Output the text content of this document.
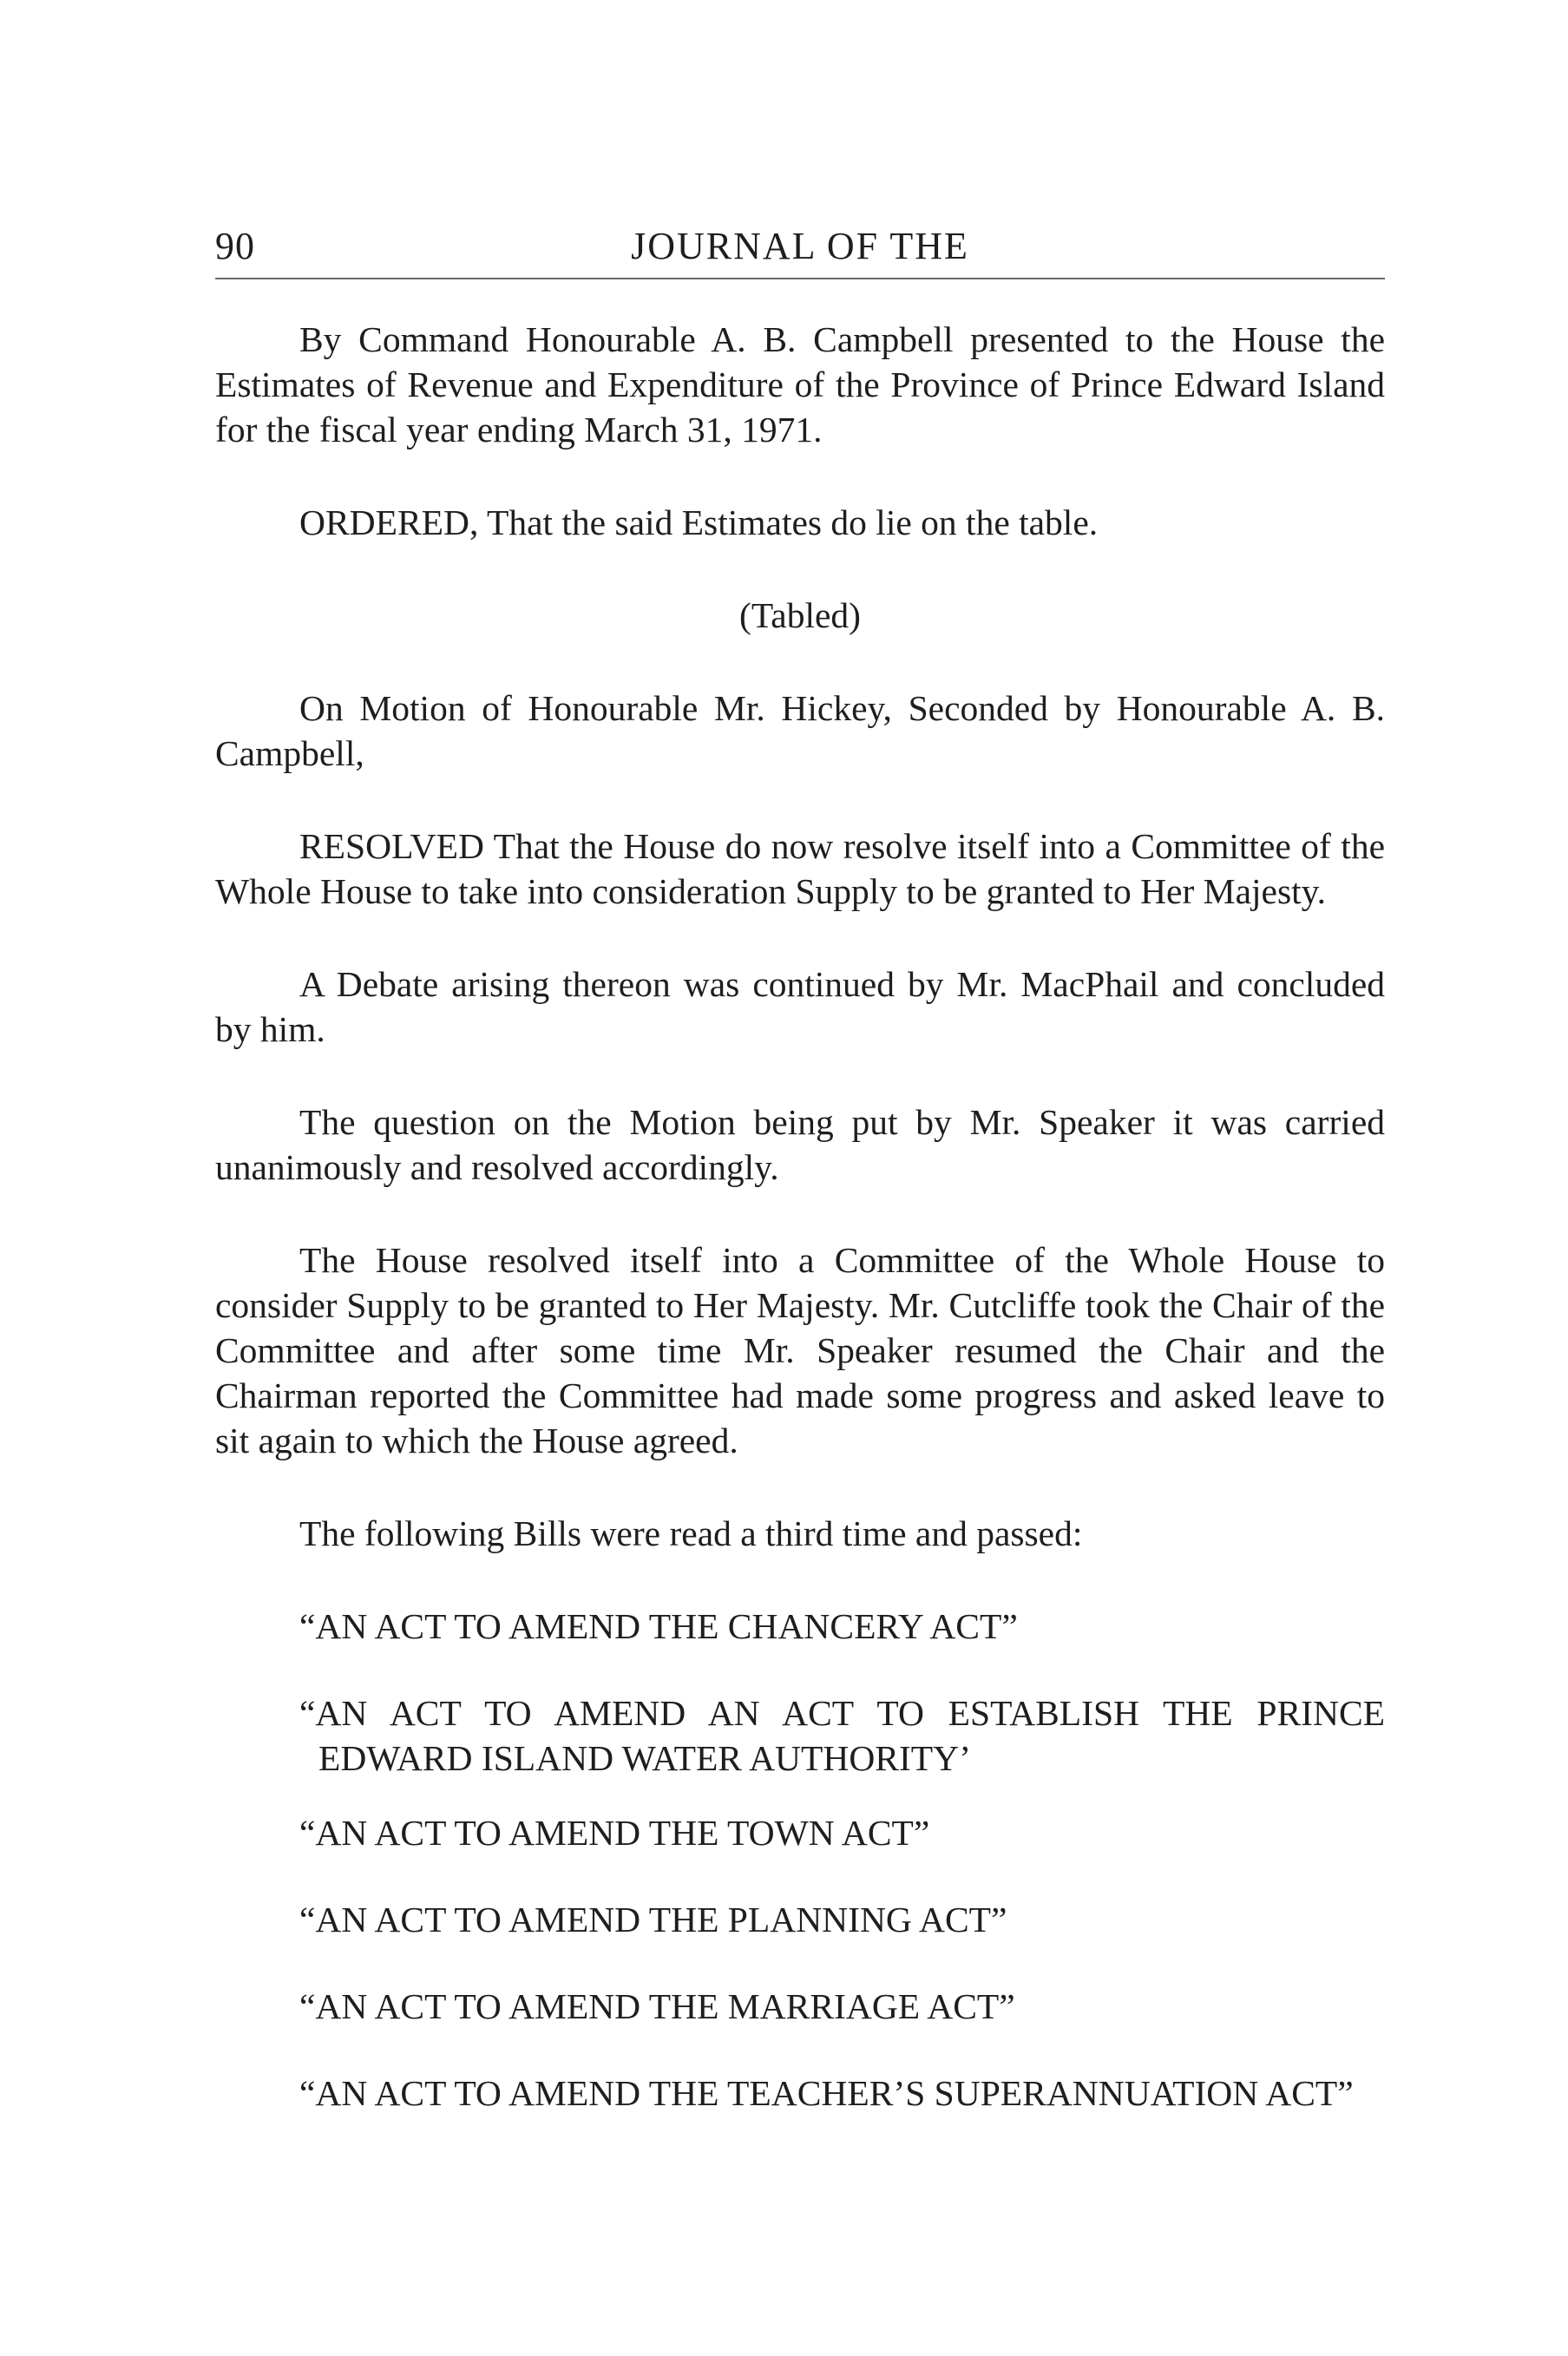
90	JOURNAL OF THE

By Command Honourable A. B. Campbell presented to the House the Estimates of Revenue and Expenditure of the Province of Prince Edward Island for the fiscal year ending March 31, 1971.

ORDERED, That the said Estimates do lie on the table.

(Tabled)

On Motion of Honourable Mr. Hickey, Seconded by Honourable A. B. Campbell,

RESOLVED That the House do now resolve itself into a Committee of the Whole House to take into consideration Supply to be granted to Her Majesty.

A Debate arising thereon was continued by Mr. MacPhail and concluded by him.

The question on the Motion being put by Mr. Speaker it was carried unanimously and resolved accordingly.

The House resolved itself into a Committee of the Whole House to consider Supply to be granted to Her Majesty. Mr. Cutcliffe took the Chair of the Committee and after some time Mr. Speaker resumed the Chair and the Chairman reported the Committee had made some progress and asked leave to sit again to which the House agreed.

The following Bills were read a third time and passed:

“AN ACT TO AMEND THE CHANCERY ACT”

“AN ACT TO AMEND AN ACT TO ESTABLISH THE PRINCE EDWARD ISLAND WATER AUTHORITY’

“AN ACT TO AMEND THE TOWN ACT”

“AN ACT TO AMEND THE PLANNING ACT”

“AN ACT TO AMEND THE MARRIAGE ACT”

“AN ACT TO AMEND THE TEACHER’S SUPERANNUATION ACT”
